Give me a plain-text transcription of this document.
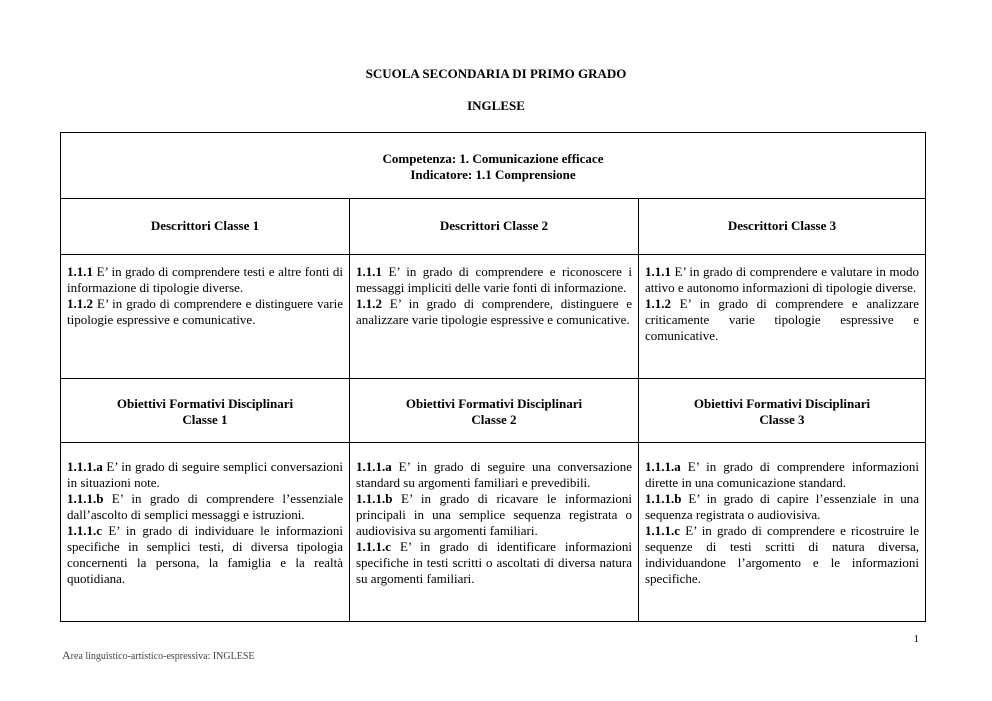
SCUOLA SECONDARIA DI PRIMO GRADO
INGLESE
Competenza: 1. Comunicazione efficace
Indicatore: 1.1 Comprensione
Descrittori Classe 1	Descrittori Classe 2	Descrittori Classe 3

1.1.1 E’ in grado di comprendere testi e altre fonti di informazione di tipologie diverse.

1.1.2 E’ in grado di comprendere e distinguere varie tipologie espressive e comunicative.

1.1.1 E’ in grado di comprendere e riconoscere i messaggi impliciti delle varie fonti di informazione.

1.1.2 E’ in grado di comprendere, distinguere e analizzare varie tipologie espressive e comunicative.

1.1.1 E’ in grado di comprendere e valutare in modo attivo e autonomo informazioni di tipologie diverse.

1.1.2 E’ in grado di comprendere e analizzare criticamente varie tipologie espressive e comunicative.

Obiettivi Formativi Disciplinari
Classe 1
Obiettivi Formativi Disciplinari
Classe 2
Obiettivi Formativi Disciplinari
Classe 3

1.1.1.a E’ in grado di seguire semplici conversazioni in situazioni note.

1.1.1.b E’ in grado di comprendere l’essenziale dall’ascolto di semplici messaggi e istruzioni.

1.1.1.c E’ in grado di individuare le informazioni specifiche in semplici testi, di diversa tipologia concernenti la persona, la famiglia e la realtà quotidiana.

1.1.1.a E’ in grado di seguire una conversazione standard su argomenti familiari e prevedibili.

1.1.1.b E’ in grado di ricavare le informazioni principali in una semplice sequenza registrata o audiovisiva su argomenti familiari.

1.1.1.c E’ in grado di identificare informazioni specifiche in testi scritti o ascoltati di diversa natura su argomenti familiari.

1.1.1.a E’ in grado di comprendere informazioni dirette in una comunicazione standard.

1.1.1.b E’ in grado di capire l’essenziale in una sequenza registrata o audiovisiva.

1.1.1.c E’ in grado di comprendere e ricostruire le sequenze di testi scritti di natura diversa, individuandone l’argomento e le informazioni specifiche.

1
Area linguistico-artistico-espressiva: INGLESE
